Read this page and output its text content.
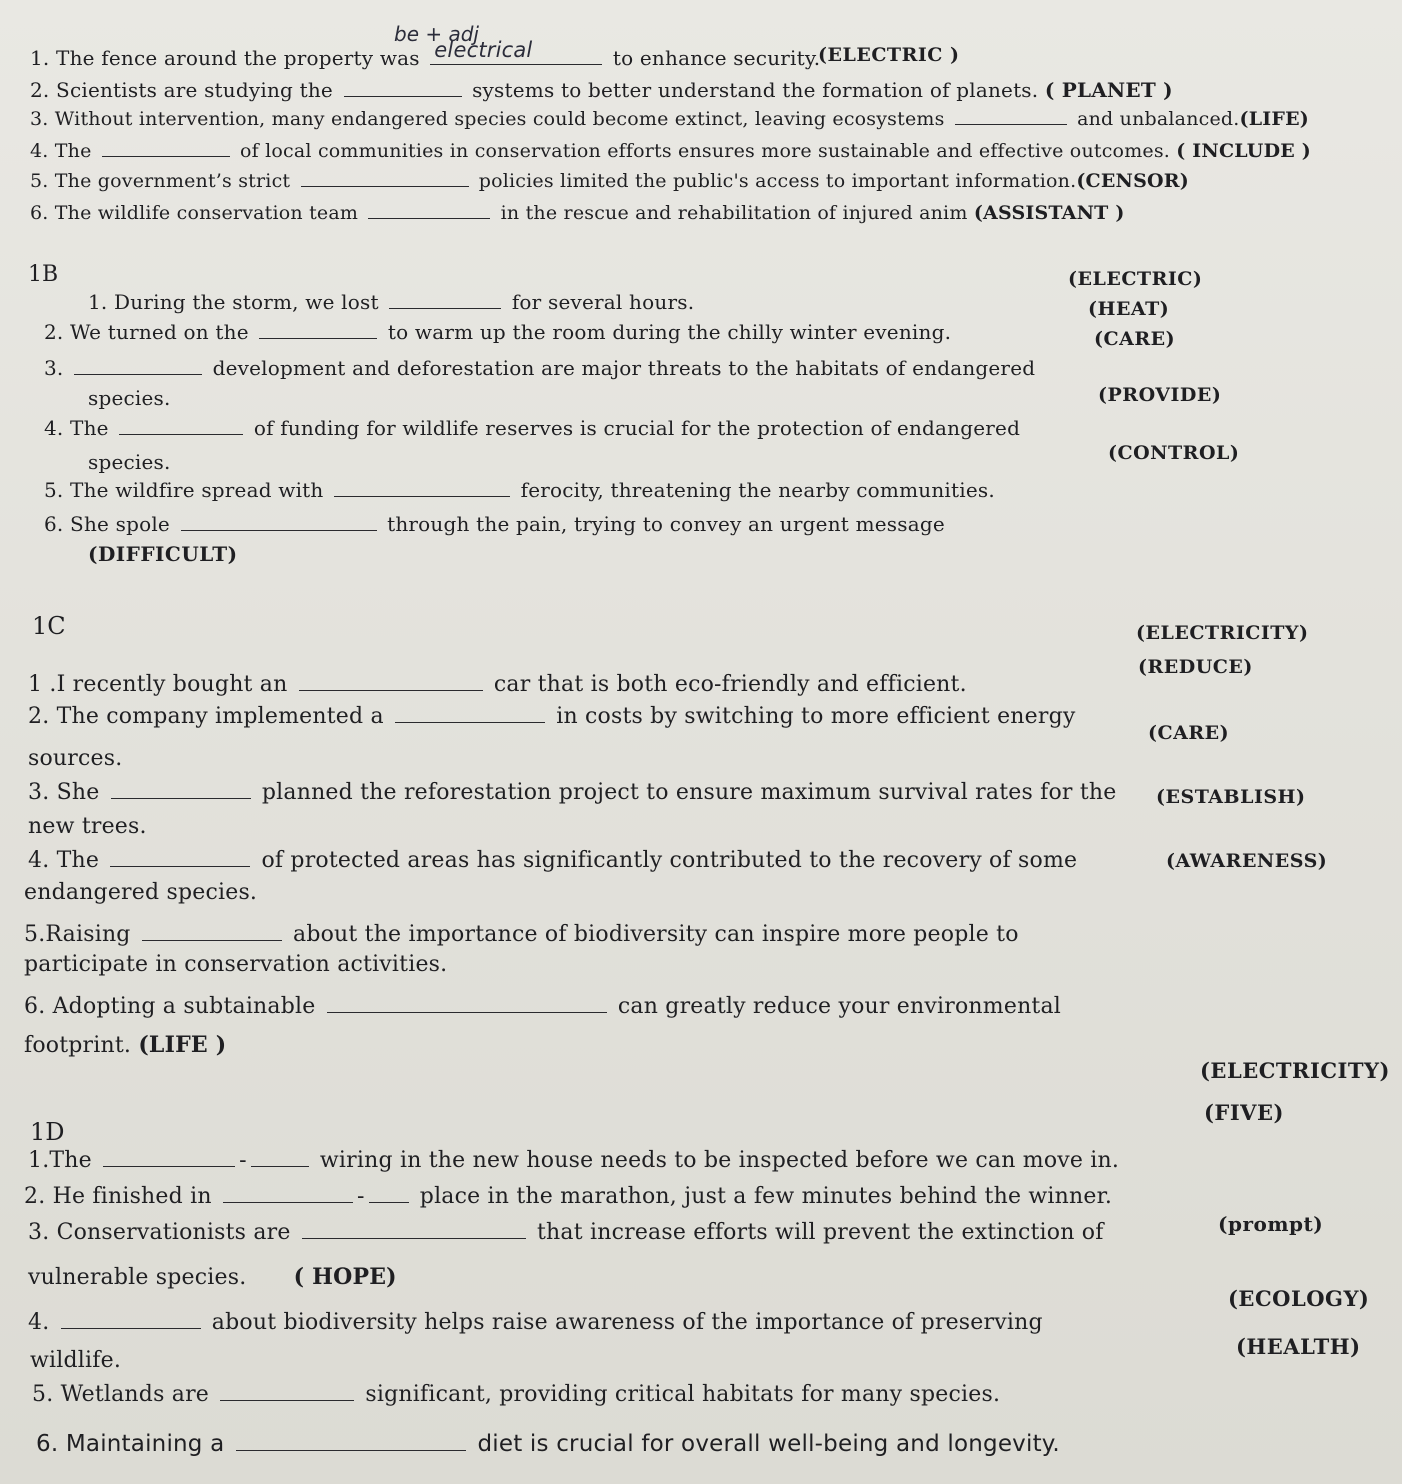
be + adj
1. The fence around the property was electrical	to enhance security.
(ELECTRIC )
2. Scientists are studying the	systems to better understand the formation of planets. ( PLANET )
3. Without intervention, many endangered species could become extinct, leaving ecosystems	and unbalanced.(LIFE)
4. The	of local communities in conservation efforts ensures more sustainable and effective outcomes. ( INCLUDE )
5. The government’s strict	policies limited the public's access to important information.(CENSOR)
6. The wildlife conservation team	in the rescue and rehabilitation of injured anim (ASSISTANT )
1B
1. During the storm, we lost	for several hours.
(ELECTRIC)
2. We turned on the	to warm up the room during the chilly winter evening.
(HEAT)
3.	development and deforestation are major threats to the habitats of endangered
(CARE)
species.
4. The	of funding for wildlife reserves is crucial for the protection of endangered
(PROVIDE)
species.
5. The wildfire spread with	ferocity, threatening the nearby communities.
(CONTROL)
6. She spole	through the pain, trying to convey an urgent message
(DIFFICULT)
1C
1 .I recently bought an	car that is both eco-friendly and efficient.
(ELECTRICITY)
2. The company implemented a	in costs by switching to more efficient energy
(REDUCE)
sources.
3. She	planned the reforestation project to ensure maximum survival rates for the
(CARE)
new trees.
4. The	of protected areas has significantly contributed to the recovery of some
(ESTABLISH)
endangered species.
5.Raising	about the importance of biodiversity can inspire more people to
(AWARENESS)
participate in conservation activities.
6. Adopting a subtainable	can greatly reduce your environmental
footprint. (LIFE )
1D
1.The	-	wiring in the new house needs to be inspected before we can move in.
(ELECTRICITY)
2. He finished in	-	place in the marathon, just a few minutes behind the winner.
(FIVE)
3. Conservationists are	that increase efforts will prevent the extinction of
vulnerable species. ( HOPE)
4.	about biodiversity helps raise awareness of the importance of preserving
(prompt)
wildlife.
5. Wetlands are	significant, providing critical habitats for many species.
(ECOLOGY)
6. Maintaining a	diet is crucial for overall well-being and longevity.
(HEALTH)
